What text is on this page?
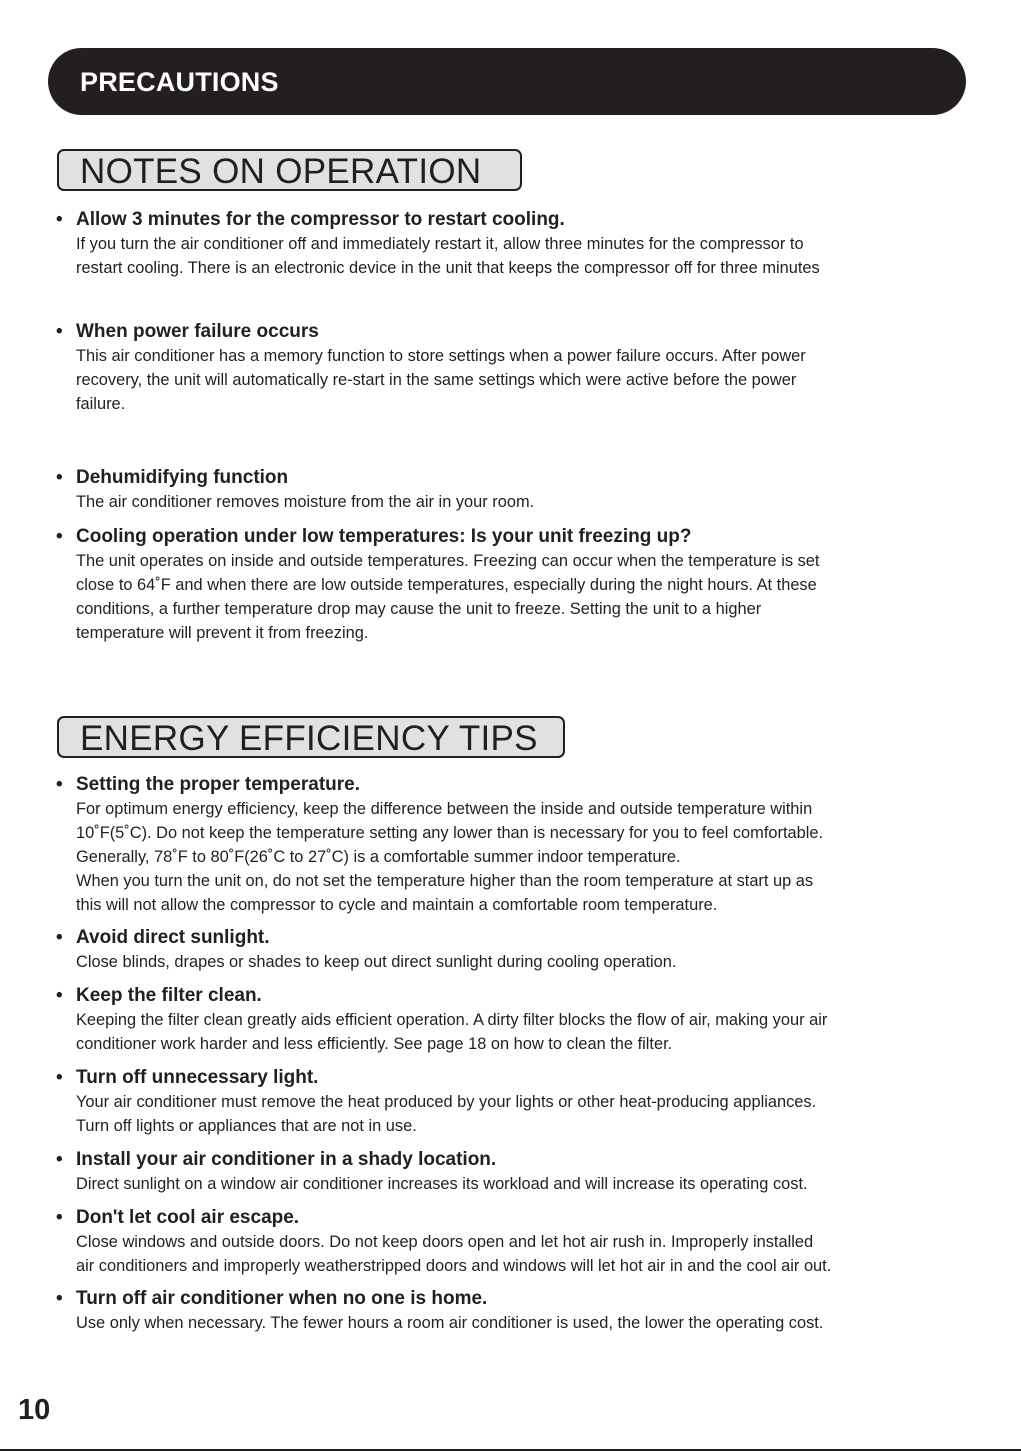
PRECAUTIONS
NOTES ON OPERATION
• Allow 3 minutes for the compressor to restart cooling.

If you turn the air conditioner off and immediately restart it, allow three minutes for the compressor to

restart cooling. There is an electronic device in the unit that keeps the compressor off for three minutes

• When power failure occurs

This air conditioner has a memory function to store settings when a power failure occurs. After power

recovery, the unit will automatically re-start in the same settings which were active before the power

failure.

• Dehumidifying function

The air conditioner removes moisture from the air in your room.

• Cooling operation under low temperatures: Is your unit freezing up?

The unit operates on inside and outside temperatures. Freezing can occur when the temperature is set

close to 64˚F and when there are low outside temperatures, especially during the night hours. At these

conditions, a further temperature drop may cause the unit to freeze. Setting the unit to a higher

temperature will prevent it from freezing.

ENERGY EFFICIENCY TIPS
• Setting the proper temperature.

For optimum energy efficiency, keep the difference between the inside and outside temperature within

10˚F(5˚C). Do not keep the temperature setting any lower than is necessary for you to feel comfortable.

Generally, 78˚F to 80˚F(26˚C to 27˚C) is a comfortable summer indoor temperature.

When you turn the unit on, do not set the temperature higher than the room temperature at start up as

this will not allow the compressor to cycle and maintain a comfortable room temperature.

• Avoid direct sunlight.

Close blinds, drapes or shades to keep out direct sunlight during cooling operation.

• Keep the filter clean.

Keeping the filter clean greatly aids efficient operation. A dirty filter blocks the flow of air, making your air

conditioner work harder and less efficiently. See page 18 on how to clean the filter.

• Turn off unnecessary light.

Your air conditioner must remove the heat produced by your lights or other heat-producing appliances.

Turn off lights or appliances that are not in use.

• Install your air conditioner in a shady location.

Direct sunlight on a window air conditioner increases its workload and will increase its operating cost.

• Don't let cool air escape.

Close windows and outside doors. Do not keep doors open and let hot air rush in. Improperly installed

air conditioners and improperly weatherstripped doors and windows will let hot air in and the cool air out.

• Turn off air conditioner when no one is home.

Use only when necessary. The fewer hours a room air conditioner is used, the lower the operating cost.

10
